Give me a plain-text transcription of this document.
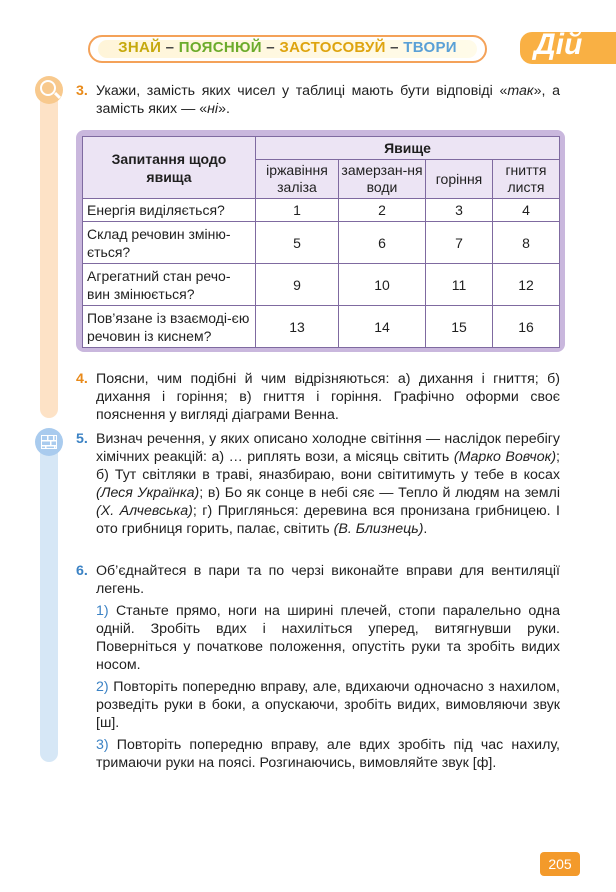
ЗНАЙ – ПОЯСНЮЙ – ЗАСТОСОВУЙ – ТВОРИ	Дій
3. Укажи, замість яких чисел у таблиці мають бути відповіді «так», а замість яких — «ні».
Запитання щодо явища	Явище			
	іржавіння заліза	замерзан-ня води	горіння	гниття листя
Енергія виділяється?	1	2	3	4
Склад речовин зміню-ється?	5	6	7	8
Агрегатний стан речо-вин змінюється?	9	10	11	12
Пов’язане із взаємоді-єю речовин із киснем?	13	14	15	16
4. Поясни, чим подібні й чим відрізняються: а) дихання і гниття; б) дихання і горіння; в) гниття і горіння. Графічно оформи своє пояснення у вигляді діаграми Венна.
5. Визнач речення, у яких описано холодне світіння — наслідок перебігу хімічних реакцій: а) … риплять вози, а місяць світить (Марко Вовчок); б) Тут світляки в траві, яназбираю, вони світитимуть у тебе в косах (Леся Українка); в) Бо як сонце в небі сяє — Тепло й людям на землі (Х. Алчевська); г) Приглянься: деревина вся пронизана грибницею. І ото грибниця горить, палає, світить (В. Близнець).
6. Об’єднайтеся в пари та по черзі виконайте вправи для вентиляції легень.
1) Станьте прямо, ноги на ширині плечей, стопи паралельно одна одній. Зробіть вдих і нахиліться уперед, витягнувши руки. Поверніться у початкове положення, опустіть руки та зробіть видих носом.
2) Повторіть попередню вправу, але, вдихаючи одночасно з нахилом, розведіть руки в боки, а опускаючи, зробіть видих, вимовляючи звук [ш].
3) Повторіть попередню вправу, але вдих зробіть під час нахилу, тримаючи руки на поясі. Розгинаючись, вимовляйте звук [ф].
205
